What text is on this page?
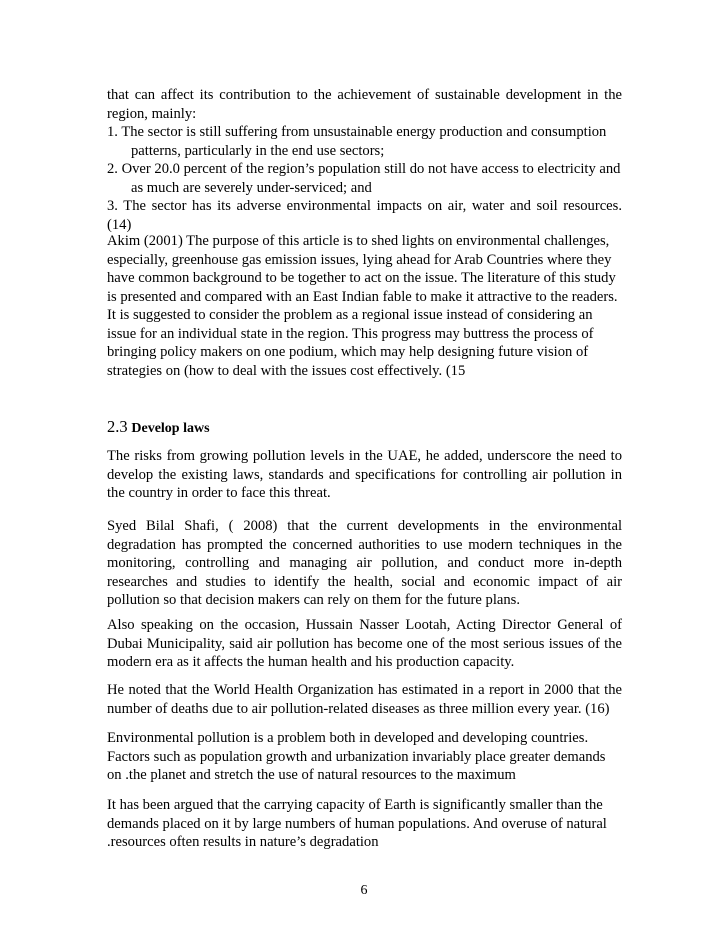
that can affect its contribution to the achievement of sustainable development in the region, mainly:

1. The sector is still suffering from unsustainable energy production and consumption
patterns, particularly in the end use sectors;
2. Over 20.0 percent of the region’s population still do not have access to electricity and
as much are severely under-serviced; and
3. The sector has its adverse environmental impacts on air, water and soil resources. (14)

Akim (2001) The purpose of this article is to shed lights on environmental challenges, especially, greenhouse gas emission issues, lying ahead for Arab Countries where they have common background to be together to act on the issue. The literature of this study is presented and compared with an East Indian fable to make it attractive to the readers. It is suggested to consider the problem as a regional issue instead of considering an issue for an individual state in the region. This progress may buttress the process of bringing policy makers on one podium, which may help designing future vision of strategies on (how to deal with the issues cost effectively. (15

2.3 Develop laws

The risks from growing pollution levels in the UAE, he added, underscore the need to develop the existing laws, standards and specifications for controlling air pollution in the country in order to face this threat.

Syed Bilal Shafi, ( 2008) that the current developments in the environmental degradation has prompted the concerned authorities to use modern techniques in the monitoring, controlling and managing air pollution, and conduct more in-depth researches and studies to identify the health, social and economic impact of air pollution so that decision makers can rely on them for the future plans.

Also speaking on the occasion, Hussain Nasser Lootah, Acting Director General of Dubai Municipality, said air pollution has become one of the most serious issues of the modern era as it affects the human health and his production capacity.

He noted that the World Health Organization has estimated in a report in 2000 that the number of deaths due to air pollution-related diseases as three million every year. (16)

Environmental pollution is a problem both in developed and developing countries. Factors such as population growth and urbanization invariably place greater demands on .the planet and stretch the use of natural resources to the maximum

It has been argued that the carrying capacity of Earth is significantly smaller than the demands placed on it by large numbers of human populations. And overuse of natural .resources often results in nature’s degradation

6
